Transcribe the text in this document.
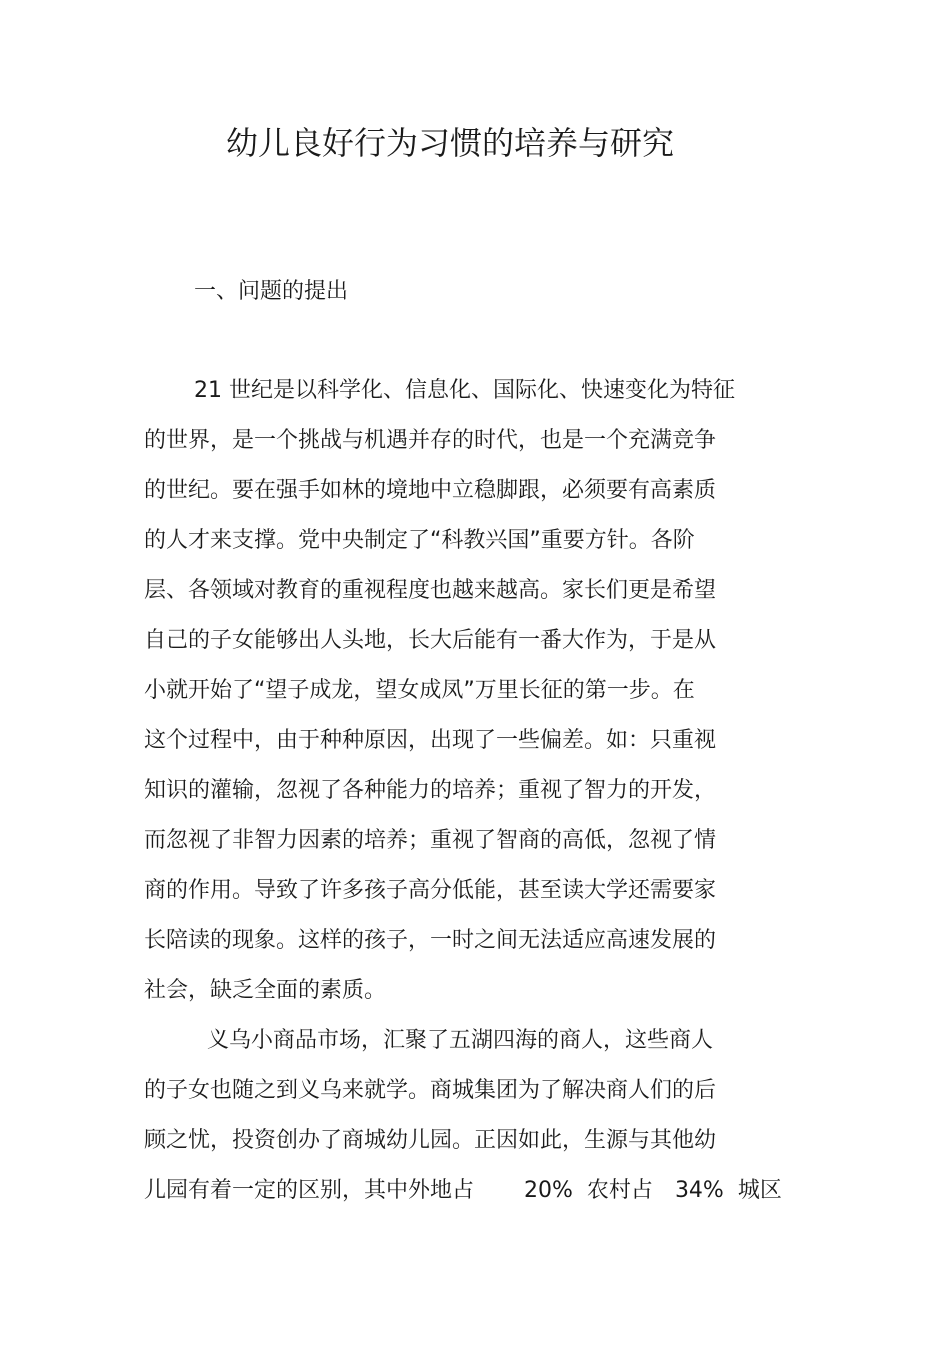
幼儿良好行为习惯的培养与研究
一、问题的提出

21 世纪是以科学化、信息化、国际化、快速变化为特征

的世界，是一个挑战与机遇并存的时代，也是一个充满竞争

的世纪。要在强手如林的境地中立稳脚跟，必须要有高素质

的人才来支撑。党中央制定了“科教兴国”重要方针。各阶

层、各领域对教育的重视程度也越来越高。家长们更是希望

自己的子女能够出人头地，长大后能有一番大作为，于是从

小就开始了“望子成龙，望女成凤”万里长征的第一步。在

这个过程中，由于种种原因，出现了一些偏差。如：只重视

知识的灌输，忽视了各种能力的培养；重视了智力的开发，

而忽视了非智力因素的培养；重视了智商的高低，忽视了情

商的作用。导致了许多孩子高分低能，甚至读大学还需要家

长陪读的现象。这样的孩子，一时之间无法适应高速发展的

社会，缺乏全面的素质。

义乌小商品市场，汇聚了五湖四海的商人，这些商人

的子女也随之到义乌来就学。商城集团为了解决商人们的后

顾之忧，投资创办了商城幼儿园。正因如此，生源与其他幼

儿园有着一定的区别，其中外地占 20% 农村占 34% 城区
